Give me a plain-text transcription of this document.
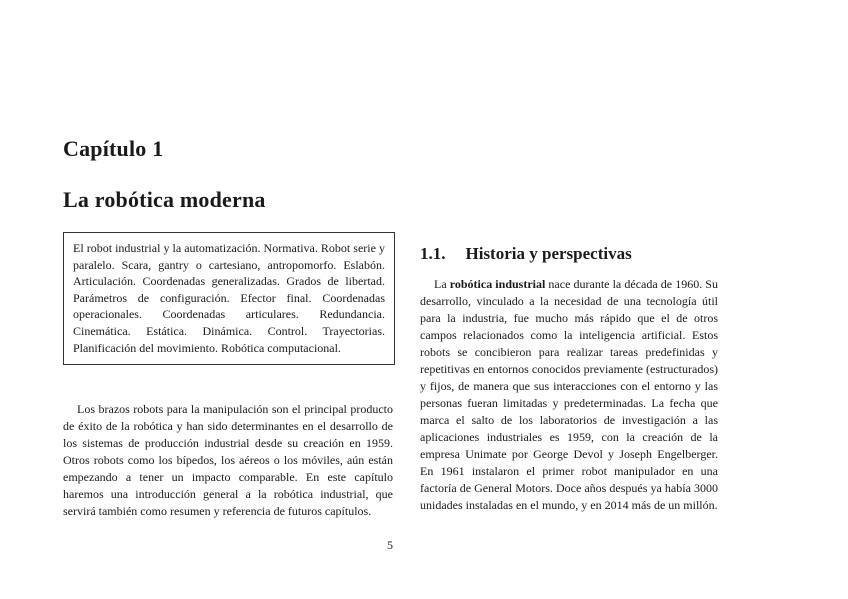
Capítulo 1
La robótica moderna
El robot industrial y la automatización. Normativa. Robot serie y paralelo. Scara, gantry o cartesiano, antropomorfo. Eslabón. Articulación. Coordenadas generalizadas. Grados de libertad. Parámetros de configuración. Efector final. Coordenadas operacionales. Coordenadas articulares. Redundancia. Cinemática. Estática. Dinámica. Control. Trayectorias. Planificación del movimiento. Robótica computacional.

Los brazos robots para la manipulación son el principal producto de éxito de la robótica y han sido determinantes en el desarrollo de los sistemas de producción industrial desde su creación en 1959. Otros robots como los bípedos, los aéreos o los móviles, aún están empezando a tener un impacto comparable. En este capítulo haremos una introducción general a la robótica industrial, que servirá también como resumen y referencia de futuros capítulos.

1.1. Historia y perspectivas

La robótica industrial nace durante la década de 1960. Su desarrollo, vinculado a la necesidad de una tecnología útil para la industria, fue mucho más rápido que el de otros campos relacionados como la inteligencia artificial. Estos robots se concibieron para realizar tareas predefinidas y repetitivas en entornos conocidos previamente (estructurados) y fijos, de manera que sus interacciones con el entorno y las personas fueran limitadas y predeterminadas. La fecha que marca el salto de los laboratorios de investigación a las aplicaciones industriales es 1959, con la creación de la empresa Unimate por George Devol y Joseph Engelberger. En 1961 instalaron el primer robot manipulador en una factoría de General Motors. Doce años después ya había 3000 unidades instaladas en el mundo, y en 2014 más de un millón.

5
